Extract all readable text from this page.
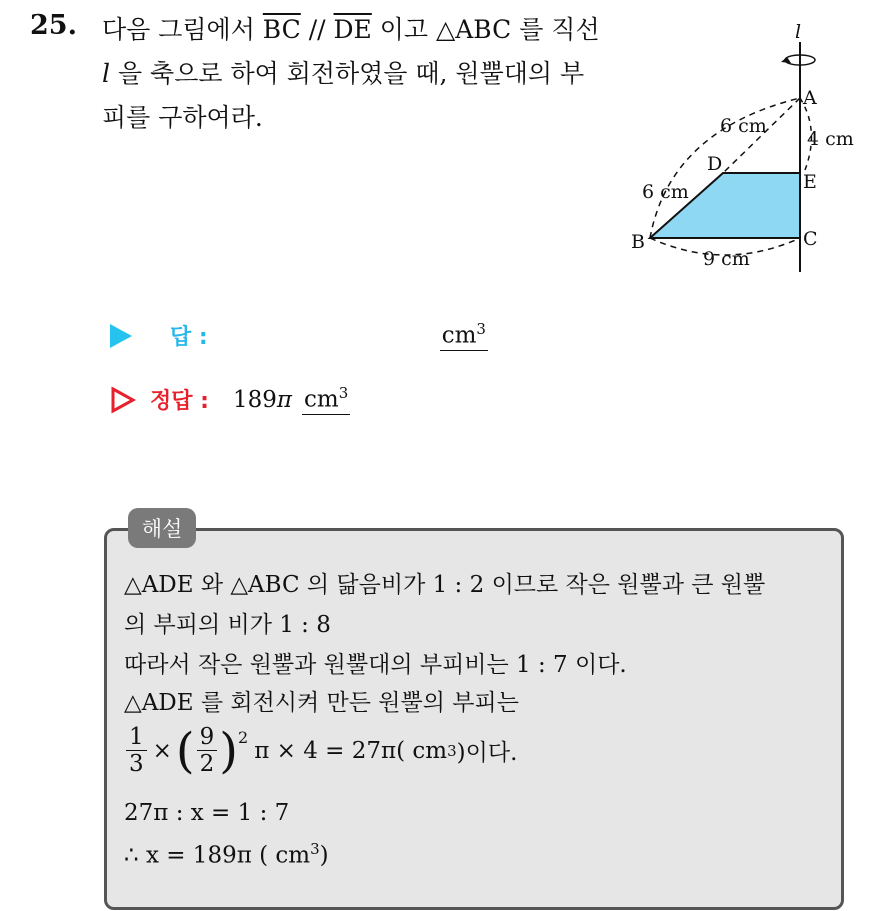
25. 다음 그림에서 $\overline{BC} // \overline{DE}$ 이고 △ABC 를 직선
l 을 축으로 하여 회전하였을 때, 원뿔대의 부
피를 구하여라.
l
A
D
E
B	C
6 cm
4 cm
6 cm
9 cm
답 :	$cm^3$
정답 : 189 π $cm^3$
해설
△ADE 와 △ABC 의 닮음비가 1 : 2 이므로 작은 원뿔과 큰 원뿔
의 부피의 비가 1 : 8
따라서 작은 원뿔과 원뿔대의 부피비는 1 : 7 이다.
△ADE 를 회전시켜 만든 원뿔의 부피는
$\frac{1}{3}$ × ( $\frac{9}{2}$ ) 2 π × 4 = 27π( cm 3 )이다.
27π : x = 1 : 7
∴ x = 189π ( $cm^3$)
